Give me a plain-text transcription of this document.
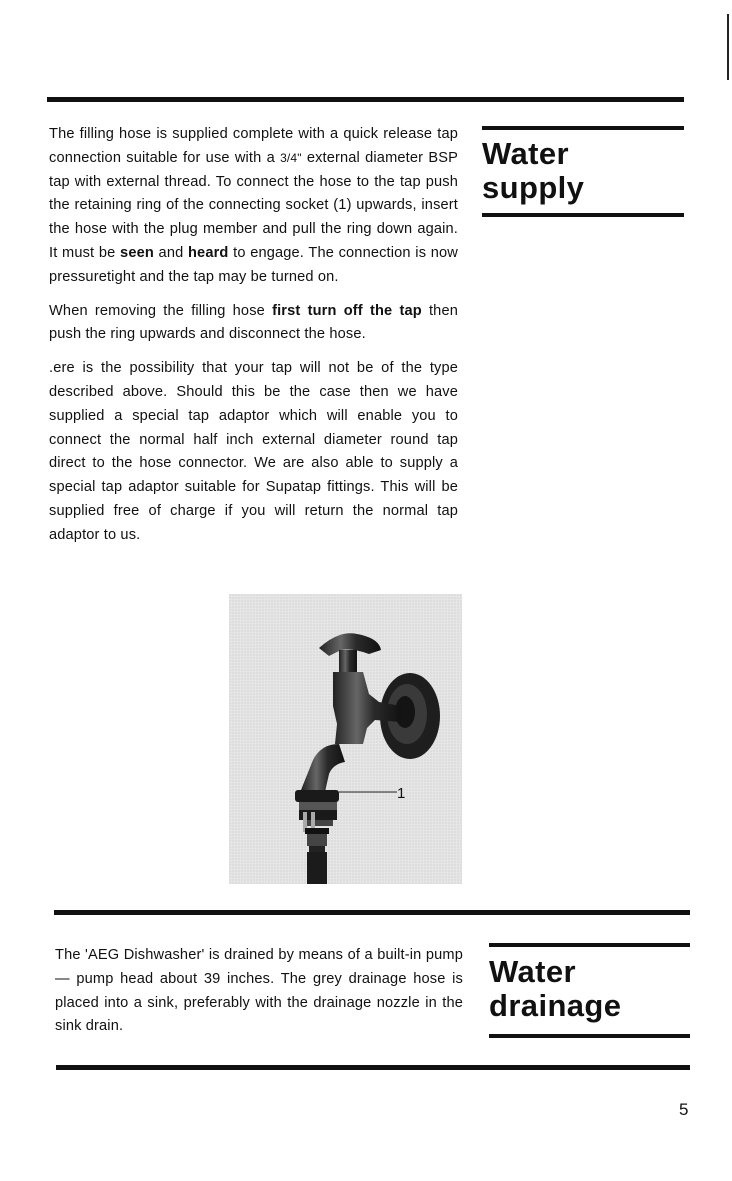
Water
supply

The filling hose is supplied complete with a quick release tap connection suitable for use with a 3/4" external diameter BSP tap with external thread. To connect the hose to the tap push the retaining ring of the connecting socket (1) upwards, insert the hose with the plug member and pull the ring down again. It must be seen and heard to engage. The connection is now pressuretight and the tap may be turned on.

When removing the filling hose first turn off the tap then push the ring upwards and disconnect the hose.

.ere is the possibility that your tap will not be of the type described above. Should this be the case then we have supplied a special tap adaptor which will enable you to connect the normal half inch external diameter round tap direct to the hose connector. We are also able to supply a special tap adaptor suitable for Supatap fittings. This will be supplied free of charge if you will return the normal tap adaptor to us.

1
Water
drainage

The 'AEG Dishwasher' is drained by means of a built-in pump — pump head about 39 inches. The grey drainage hose is placed into a sink, preferably with the drainage nozzle in the sink drain.

5
